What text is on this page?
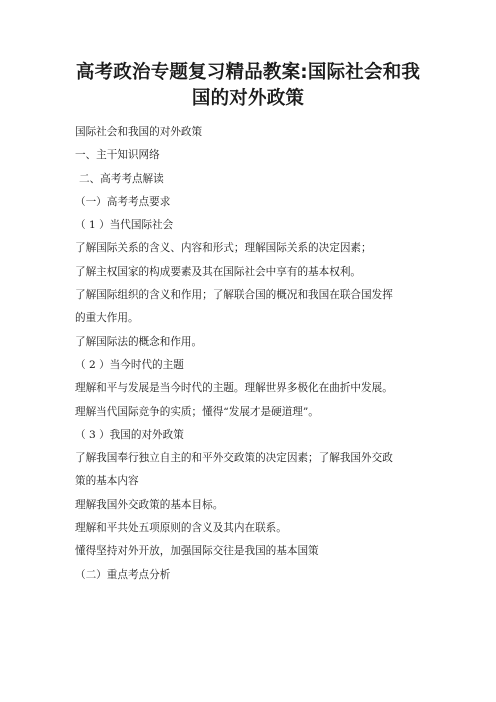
高考政治专题复习精品教案:国际社会和我
国的对外政策
国际社会和我国的对外政策
一、主干知识网络
二、高考考点解读
（一）高考考点要求
（ 1 ）当代国际社会
了解国际关系的含义、内容和形式；理解国际关系的决定因素；
了解主权国家的构成要素及其在国际社会中享有的基本权利。
了解国际组织的含义和作用；了解联合国的概况和我国在联合国发挥
的重大作用。
了解国际法的概念和作用。
（ 2 ）当今时代的主题
理解和平与发展是当今时代的主题。理解世界多极化在曲折中发展。
理解当代国际竞争的实质；懂得“发展才是硬道理”。
（ 3 ）我国的对外政策
了解我国奉行独立自主的和平外交政策的决定因素；了解我国外交政
策的基本内容
理解我国外交政策的基本目标。
理解和平共处五项原则的含义及其内在联系。
懂得坚持对外开放，加强国际交往是我国的基本国策
（二）重点考点分析
